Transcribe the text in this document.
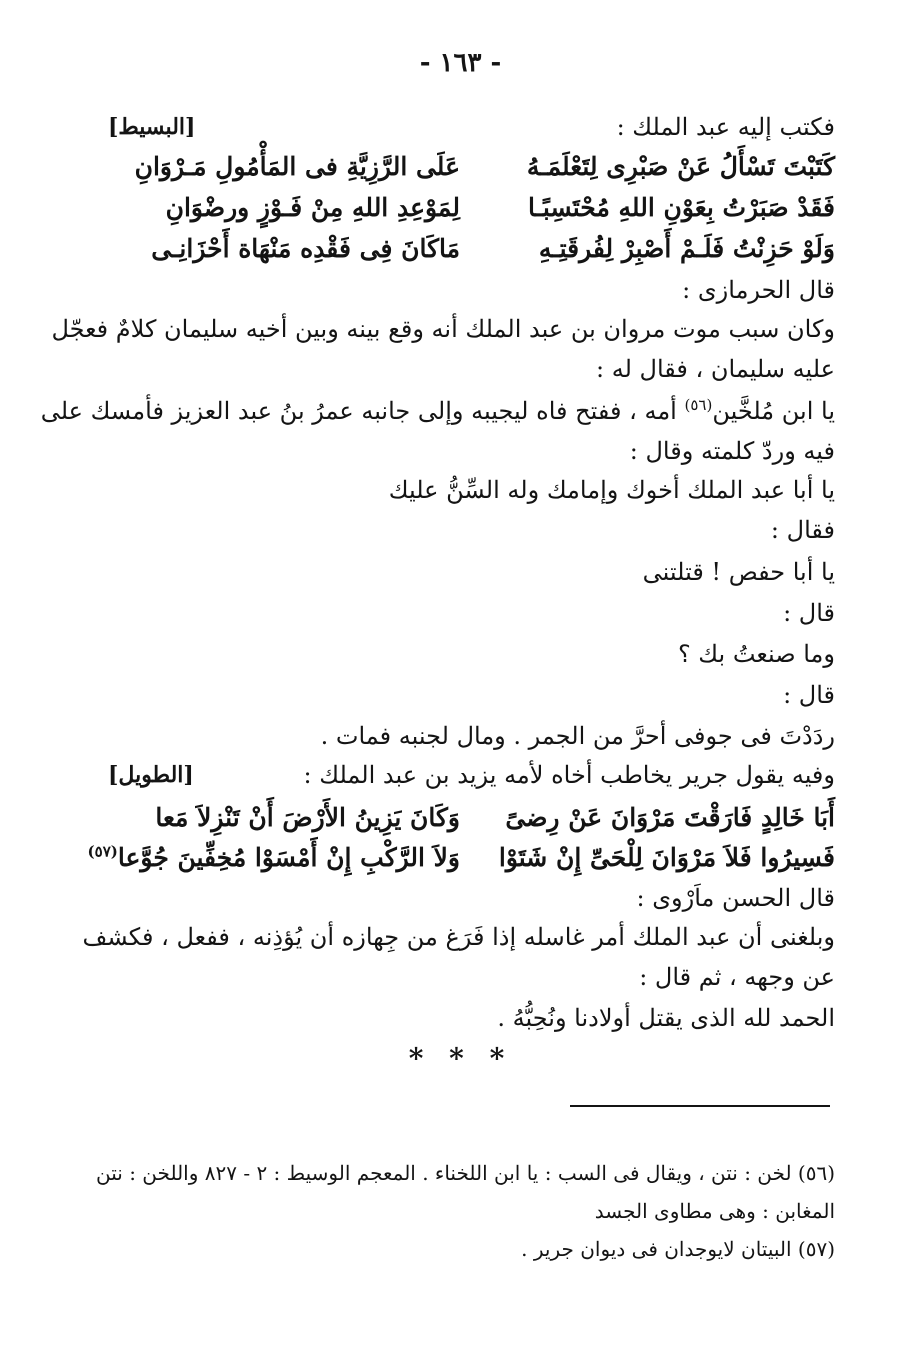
- ١٦٣ -
فكتب إليه عبد الملك :
[البسيط]
كَتَبْتَ تَسْأَلُ عَنْ صَبْرِى لِتَعْلَمَـهُ
عَلَى الرَّزِيَّةِ فى المَأْمُولِ مَـرْوَانِ
فَقَدْ صَبَرْتُ بِعَوْنِ اللهِ مُحْتَسِبًـا
لِمَوْعِدِ اللهِ مِنْ فَـوْزٍ ورضْوَانِ
وَلَوْ حَزِنْتُ فَلَـمْ أَصْبِرْ لِفُرقَتِـهِ
مَاكَانَ فِى فَقْدِه مَنْهَاة أَحْزَانِـى
قال الحرمازى :
وكان سبب موت مروان بن عبد الملك أنه وقع بينه وبين أخيه سليمان كلامٌ فعجّل
عليه سليمان ، فقال له :
يا ابن مُلخَّين$^{(٥٦)}$ أمه ، ففتح فاه ليجيبه وإلى جانبه عمرُ بنُ عبد العزيز فأمسك على
فيه وردّ كلمته وقال :
يا أبا عبد الملك أخوك وإمامك وله السِّنُّ عليك
فقال :
يا أبا حفص ! قتلتنى
قال :
وما صنعتُ بك ؟
قال :
ردَدْتَ فى جوفى أحرَّ من الجمر . ومال لجنبه فمات .
وفيه يقول جرير يخاطب أخاه لأمه يزيد بن عبد الملك :
[الطويل]
أَبَا خَالِدٍ فَارَقْتَ مَرْوَانَ عَنْ رِضىً
وَكَانَ يَزِينُ الأَرْضَ أَنْ تَنْزِلاَ مَعا
فَسِيرُوا فَلاَ مَرْوَانَ لِلْحَىِّ إِنْ شَتَوْا
وَلاَ الرَّكْبِ إِنْ أَمْسَوْا مُخِفِّينَ جُوَّعا$^{(٥٧)}$
قال الحسن ماَرْوى :
وبلغنى أن عبد الملك أمر غاسله إذا فَرَغ من جِهازه أن يُؤذِنه ، ففعل ، فكشف
عن وجهه ، ثم قال :
الحمد لله الذى يقتل أولادنا ونُحِبُّهُ .
* * *
(٥٦) لخن : نتن ، ويقال فى السب : يا ابن اللخناء . المعجم الوسيط : ٢ - ٨٢٧ واللخن : نتن
المغابن : وهى مطاوى الجسد
(٥٧) البيتان لايوجدان فى ديوان جرير .
